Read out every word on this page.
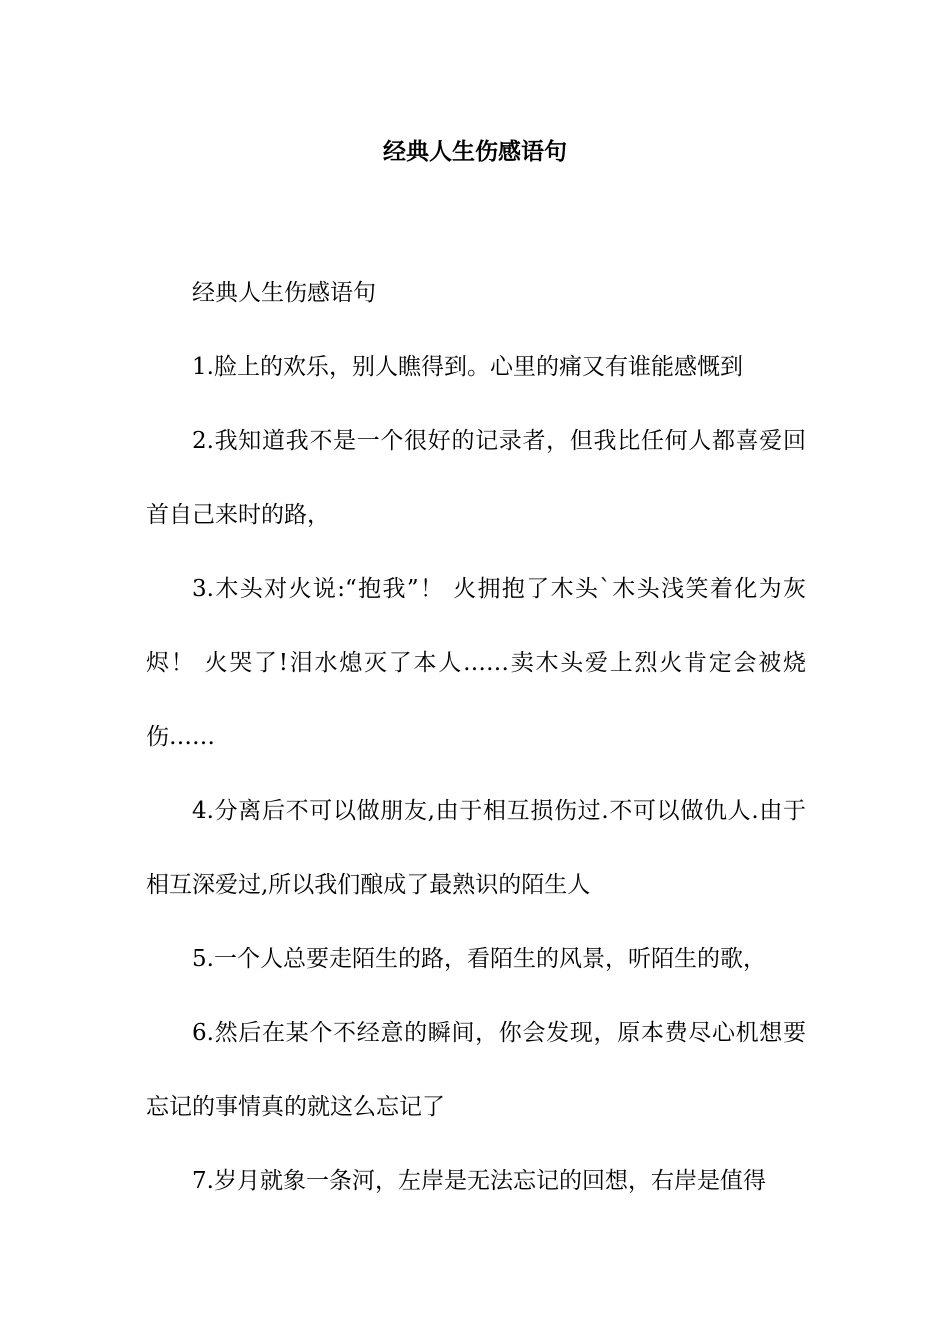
经典人生伤感语句

经典人生伤感语句

1.脸上的欢乐，别人瞧得到。心里的痛又有谁能感慨到

2.我知道我不是一个很好的记录者，但我比任何人都喜爱回首自己来时的路，

3.木头对火说:“抱我”！ 火拥抱了木头`木头浅笑着化为灰烬！ 火哭了!泪水熄灭了本人……卖木头爱上烈火肯定会被烧伤……

4.分离后不可以做朋友,由于相互损伤过.不可以做仇人.由于相互深爱过,所以我们酿成了最熟识的陌生人

5.一个人总要走陌生的路，看陌生的风景，听陌生的歌，

6.然后在某个不经意的瞬间，你会发现，原本费尽心机想要忘记的事情真的就这么忘记了

7.岁月就象一条河，左岸是无法忘记的回想，右岸是值得
